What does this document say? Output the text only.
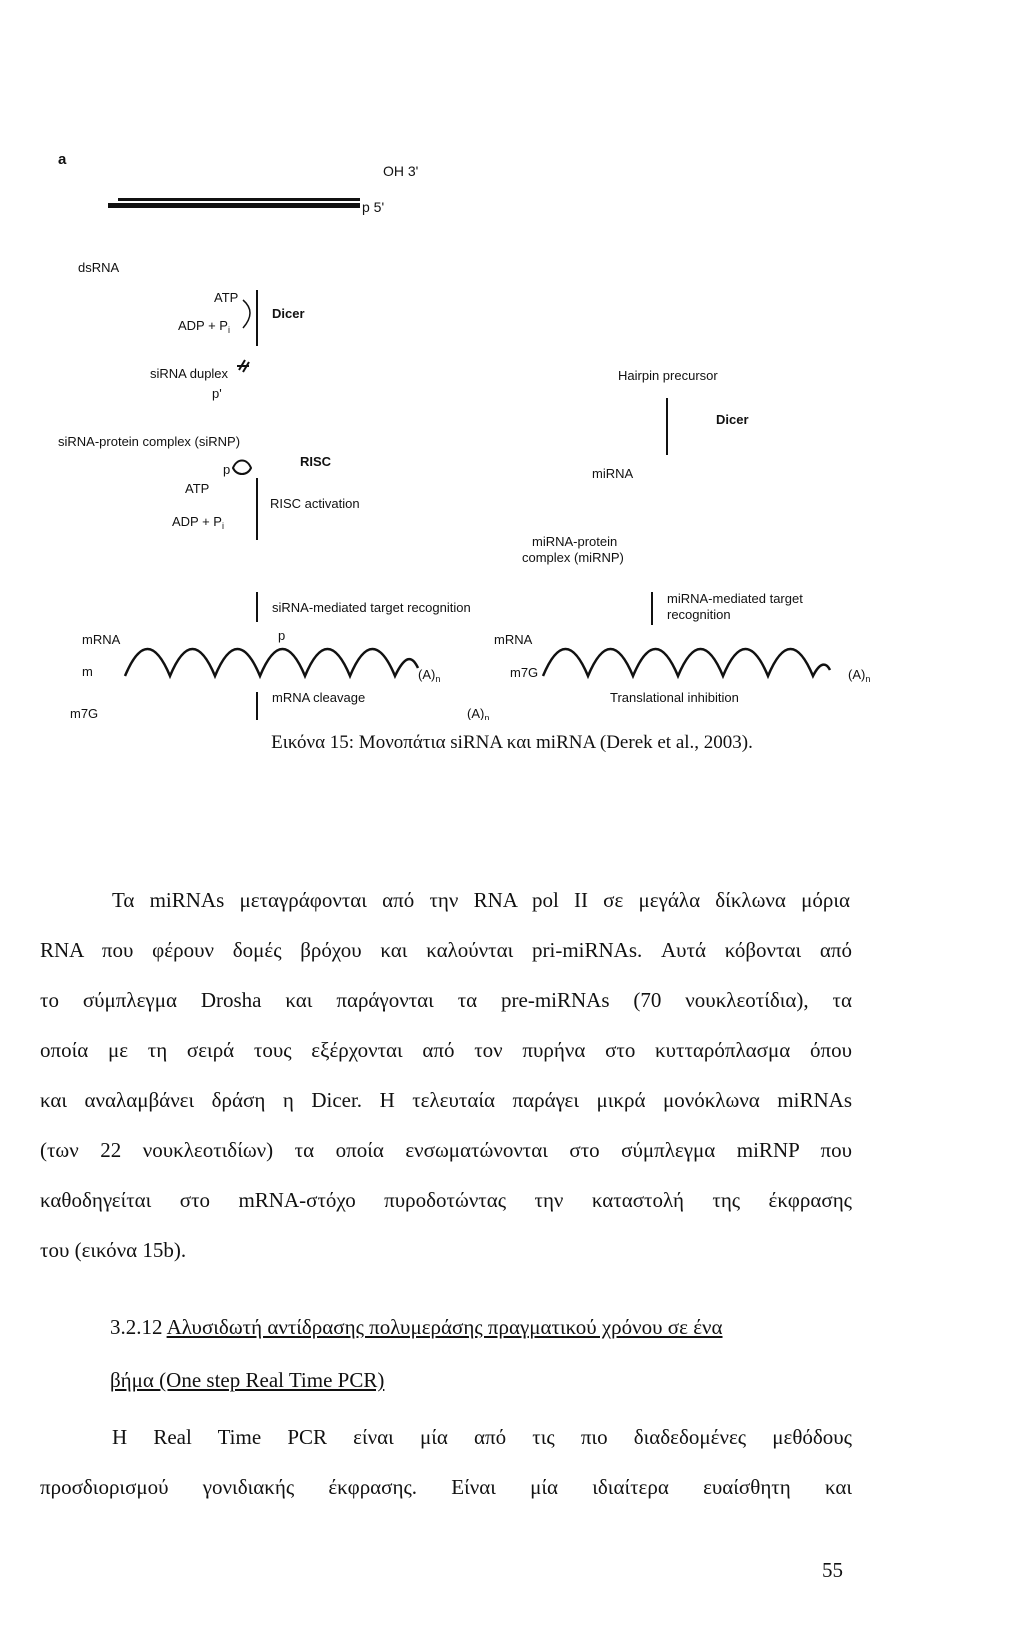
a
OH 3'
p 5'
dsRNA
ATP
ADP + $P_i$
Dicer
siRNA duplex
p'
siRNA-protein complex (siRNP)
p
ATP
ADP + $P_i$
RISC
RISC activation
Hairpin precursor
Dicer
miRNA
miRNA-protein
complex (miRNP)
siRNA-mediated target recognition
miRNA-mediated target
recognition
mRNA
m
p
$(A)_n$
mRNA cleavage
mRNA
m7G	$(A)_n$
Translational inhibition
m7G	$(A)_n$
Εικόνα 15: Μονοπάτια siRNA και miRNA (Derek et al., 2003).
Τα miRNAs μεταγράφονται από την RNA pol II σε μεγάλα δίκλωνα μόρια
RNA που φέρουν δομές βρόχου και καλούνται pri-miRNAs. Αυτά κόβονται από
το σύμπλεγμα Drosha και παράγονται τα pre-miRNAs (70 νουκλεοτίδια), τα
οποία με τη σειρά τους εξέρχονται από τον πυρήνα στο κυτταρόπλασμα όπου
και αναλαμβάνει δράση η Dicer. Η τελευταία παράγει μικρά μονόκλωνα miRNAs
(των 22 νουκλεοτιδίων) τα οποία ενσωματώνονται στο σύμπλεγμα miRNP που
καθοδηγείται στο mRNA-στόχο πυροδοτώντας την καταστολή της έκφρασης
του (εικόνα 15b).
3.2.12 Αλυσιδωτή αντίδρασης πολυμεράσης πραγματικού χρόνου σε ένα
βήμα (One step Real Time PCR)
Η Real Time PCR είναι μία από τις πιο διαδεδομένες μεθόδους
προσδιορισμού γονιδιακής έκφρασης. Είναι μία ιδιαίτερα ευαίσθητη και
55
